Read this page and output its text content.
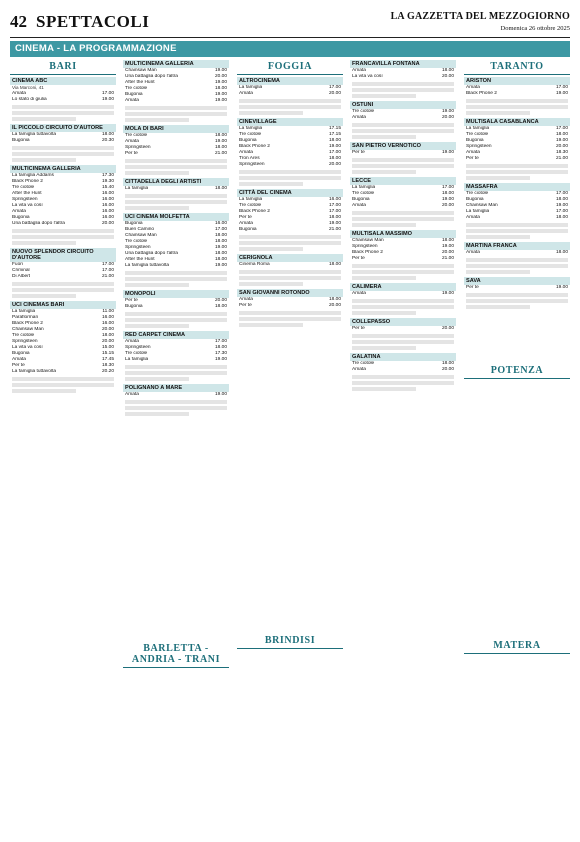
42 SPETTACOLI	LA GAZZETTA DEL MEZZOGIORNO
Domenica 26 ottobre 2025
CINEMA - LA PROGRAMMAZIONE
BARI
CINEMA ABC
Via Marconi, 41
Amata	17.00
Lo stato di giulia	19.00
IL PICCOLO CIRCUITO D'AUTORE
La famiglia tuttavolta	18.00
Bugonia	20.30
MULTICINEMA GALLERIA
La famiglia Addams	17.30
Black Phone 2	19.30
Tre ciotole	15.40
After the Hunt	16.00
Springsteen	16.00
La vita va così	16.00
Amata	16.00
Bugonia	16.00
Una battaglia dopo l'altra	20.00
NUOVO SPLENDOR CIRCUITO D'AUTORE
Fuori	17.00
Criminal	17.00
Di Albert	21.00
UCI CINEMAS BARI
La famiglia	11.00
Paraflorman	16.00
Black Phone 2	16.00
Chainsaw Man	20.00
Tre ciotole	18.00
Springsteen	20.00
La vita va così	15.00
Bugonia	15.15
Amata	17.45
Per te	18.30
La famiglia tuttavolta	20.20
MULTICINEMA GALLERIA
Chainsaw Man	19.00
Una battaglia dopo l'altra	20.00
After the Hunt	19.00
Tre ciotole	18.00
Bugonia	19.00
Amata	19.00
MOLA DI BARI
Tre ciotole	18.00
Amata	19.00
Springsteen	18.00
Per te	21.00
CITTADELLA DEGLI ARTISTI
La famiglia	18.00
UCI CINEMA MOLFETTA
Bugonia	16.00
Buen Camino	17.00
Chainsaw Man	18.00
Tre ciotole	18.00
Springsteen	19.00
Una battaglia dopo l'altra	18.00
After the Hunt	18.00
La famiglia tuttavolta	19.00
MONOPOLI
Per te	20.00
Bugonia	18.00
RED CARPET CINEMA
Amata	17.00
Springsteen	18.00
Tre ciotole	17.30
La famiglia	19.00
POLIGNANO A MARE
Amata	19.00
FOGGIA
ALTROCINEMA
La famiglia	17.00
Amata	20.00
CINEVILLAGE
La famiglia	17.15
Tre ciotole	17.15
Bugonia	18.00
Black Phone 2	19.00
Amata	17.00
Tron Ares	18.00
Springsteen	20.00
CITTÀ DEL CINEMA
La famiglia	16.00
Tre ciotole	17.00
Black Phone 2	17.00
Per te	18.00
Amata	19.00
Bugonia	21.00
CERIGNOLA
Cinema Roma	18.00
SAN GIOVANNI ROTONDO
Amata	18.00
Per te	20.00
FRANCAVILLA FONTANA
Amata	18.00
La vita va così	20.00
OSTUNI
Tre ciotole	19.00
Amata	20.00
SAN PIETRO VERNOTICO
Per te	19.00
LECCE
La famiglia	17.00
Tre ciotole	18.00
Bugonia	19.00
Amata	20.00
MULTISALA MASSIMO
Chainsaw Man	18.00
Springsteen	19.00
Black Phone 2	20.00
Per te	21.00
CALIMERA
Amata	19.00
COLLEPASSO
Per te	20.00
GALATINA
Tre ciotole	18.00
Amata	20.00
TARANTO
ARISTON
Amata	17.00
Black Phone 2	19.00
MULTISALA CASABLANCA
La famiglia	17.00
Tre ciotole	18.00
Bugonia	19.00
Springsteen	20.00
Amata	18.30
Per te	21.00
MASSAFRA
Tre ciotole	17.00
Bugonia	18.00
Chainsaw Man	19.00
La famiglia	17.00
Amata	18.00
MARTINA FRANCA
Amata	18.00
SAVA
Per te	19.00
BARLETTA - ANDRIA - TRANI
BRINDISI
POTENZA
MATERA
